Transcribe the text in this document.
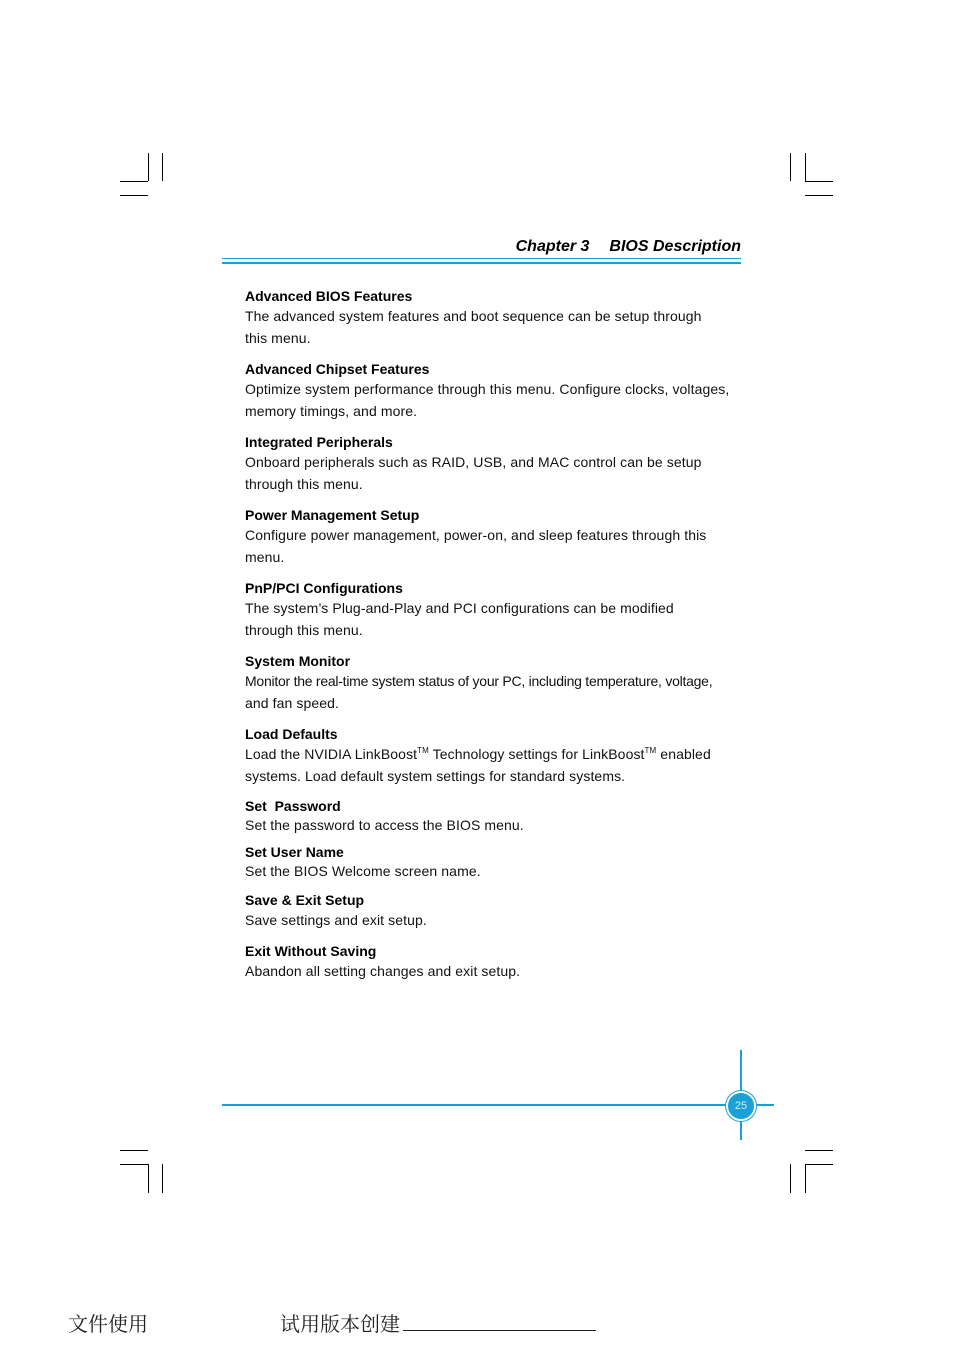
Chapter 3 BIOS Description
Advanced BIOS Features
The advanced system features and boot sequence can be setup through
this menu.
Advanced Chipset Features
Optimize system performance through this menu. Configure clocks, voltages,
memory timings, and more.
Integrated Peripherals
Onboard peripherals such as RAID, USB, and MAC control can be setup
through this menu.
Power Management Setup
Configure power management, power-on, and sleep features through this
menu.
PnP/PCI Configurations
The system’s Plug-and-Play and PCI configurations can be modified
through this menu.
System Monitor
Monitor the real-time system status of your PC, including temperature, voltage,
and fan speed.
Load Defaults
Load the NVIDIA LinkBoost™ Technology settings for LinkBoost™ enabled
systems. Load default system settings for standard systems.
Set  Password
Set the password to access the BIOS menu.
Set User Name
Set the BIOS Welcome screen name.
Save & Exit Setup
Save settings and exit setup.
Exit Without Saving
Abandon all setting changes and exit setup.
25
文件使用	试用版本创建
